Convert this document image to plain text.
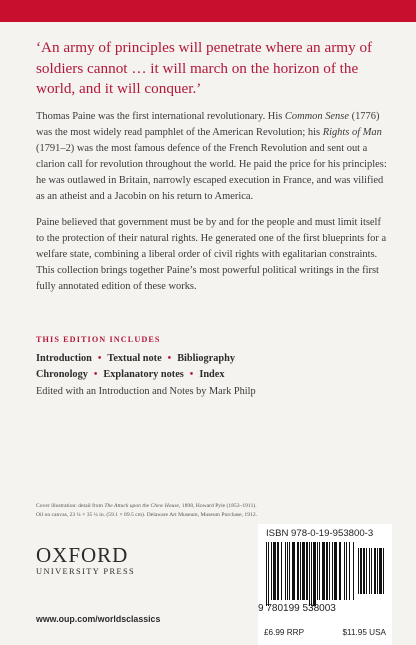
‘An army of principles will penetrate where an army of soldiers cannot … it will march on the horizon of the world, and it will conquer.’

Thomas Paine was the first international revolutionary. His Common Sense (1776) was the most widely read pamphlet of the American Revolution; his Rights of Man (1791–2) was the most famous defence of the French Revolution and sent out a clarion call for revolution throughout the world. He paid the price for his principles: he was outlawed in Britain, narrowly escaped execution in France, and was vilified as an atheist and a Jacobin on his return to America.

Paine believed that government must be by and for the people and must limit itself to the protection of their natural rights. He generated one of the first blueprints for a welfare state, combining a liberal order of civil rights with egalitarian constraints. This collection brings together Paine’s most powerful political writings in the first fully annotated edition of these works.

THIS EDITION INCLUDES
Introduction • Textual note • Bibliography
Chronology • Explanatory notes • Index
Edited with an Introduction and Notes by Mark Philp
Cover illustration: detail from The Attack upon the Chew House, 1898, Howard Pyle (1853–1911).
Oil on canvas, 23 ¼ × 35 ¼ in. (59.1 × 89.5 cm). Delaware Art Museum, Museum Purchase, 1912.
OXFORD
UNIVERSITY PRESS
www.oup.com/worldsclassics
ISBN 978-0-19-953800-3
9 780199 538003
£6.99 RRP	$11.95 USA
